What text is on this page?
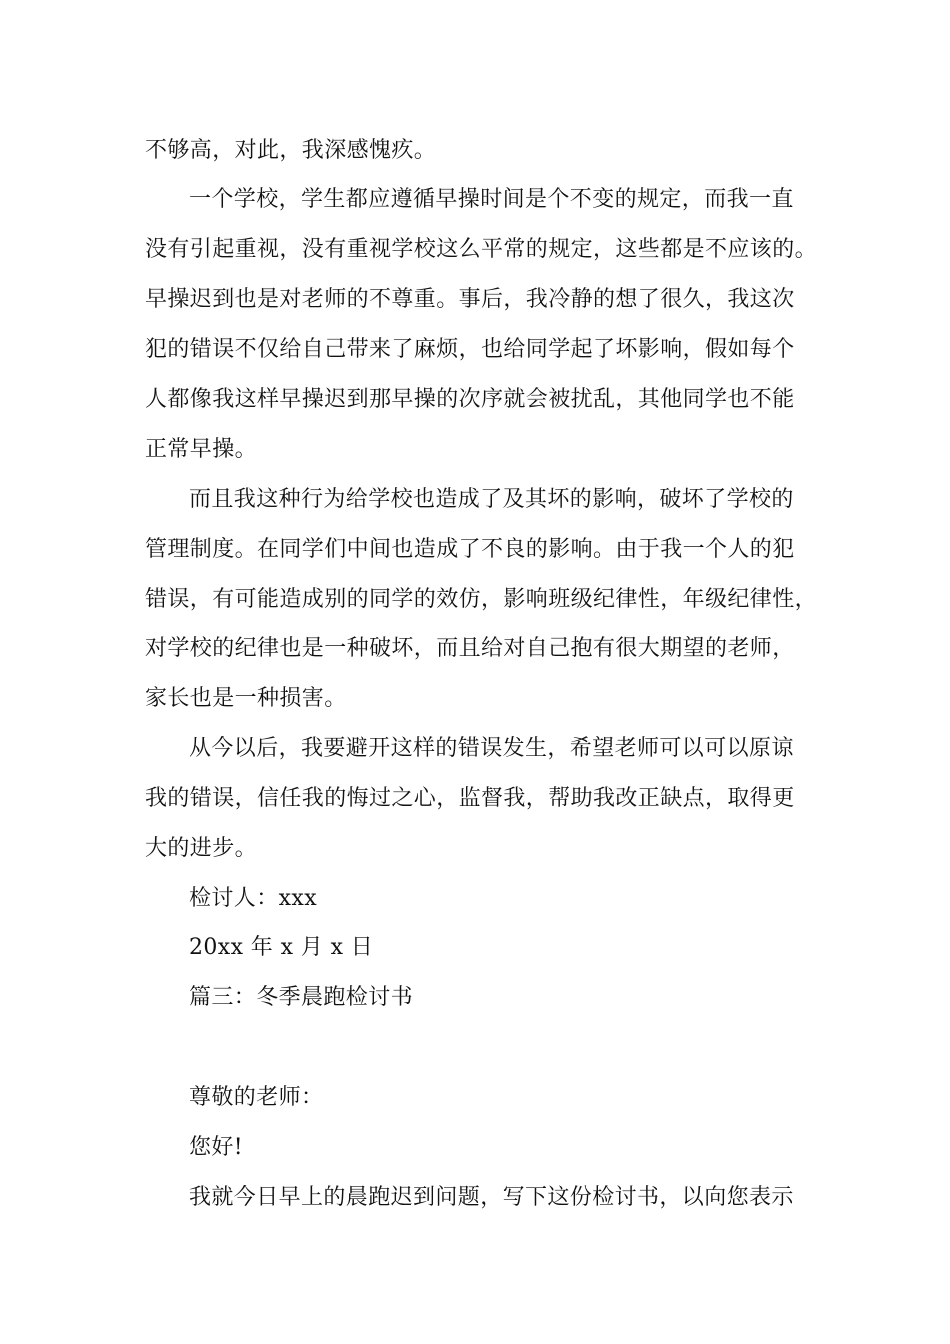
不够高，对此，我深感愧疚。
一个学校，学生都应遵循早操时间是个不变的规定，而我一直
没有引起重视，没有重视学校这么平常的规定，这些都是不应该的。
早操迟到也是对老师的不尊重。事后，我冷静的想了很久，我这次
犯的错误不仅给自己带来了麻烦，也给同学起了坏影响，假如每个
人都像我这样早操迟到那早操的次序就会被扰乱，其他同学也不能
正常早操。
而且我这种行为给学校也造成了及其坏的影响，破坏了学校的
管理制度。在同学们中间也造成了不良的影响。由于我一个人的犯
错误，有可能造成别的同学的效仿，影响班级纪律性，年级纪律性，
对学校的纪律也是一种破坏，而且给对自己抱有很大期望的老师，
家长也是一种损害。
从今以后，我要避开这样的错误发生，希望老师可以可以原谅
我的错误，信任我的悔过之心，监督我，帮助我改正缺点，取得更
大的进步。
检讨人：xxx
20xx 年 x 月 x 日
篇三：冬季晨跑检讨书
尊敬的老师：
您好!
我就今日早上的晨跑迟到问题，写下这份检讨书，以向您表示
